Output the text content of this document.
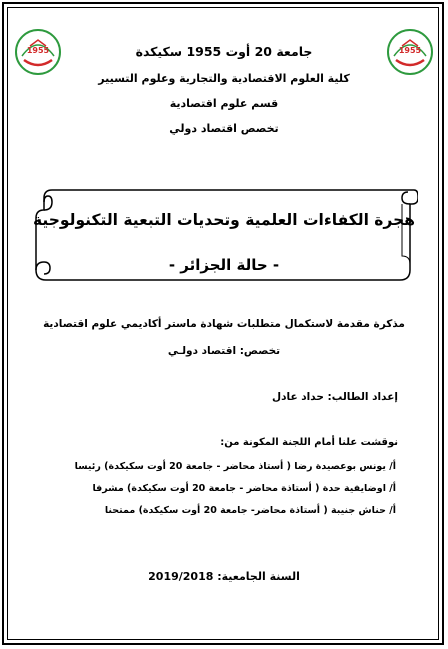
1955	1955
جامعة 20 أوت 1955 سكيكدة
كلية العلوم الاقتصادية والتجارية وعلوم التسيير
قسم علوم اقتصادية
تخصص اقتصاد دولي
هجرة الكفاءات العلمية وتحديات التبعية التكنولوجية
- حالة الجزائر -
مذكرة مقدمة لاستكمال متطلبات شهادة ماستر أكاديمي علوم اقتصادية
تخصص: اقتصاد دولـي
إعداد الطالب: حداد عادل
نوقشت علنا أمام اللجنة المكونة من:
أ/ يونس بوعصيدة رضا ( أستاذ محاضر - جامعة 20 أوت سكيكدة) رئيسا
أ/ اوضايفية حدة ( أستاذة محاضر - جامعة 20 أوت سكيكدة) مشرفا
أ/ حناش جنيبة ( أستاذة محاضر- جامعة 20 أوت سكيكدة) ممتحنا
السنة الجامعية: 2019/2018
